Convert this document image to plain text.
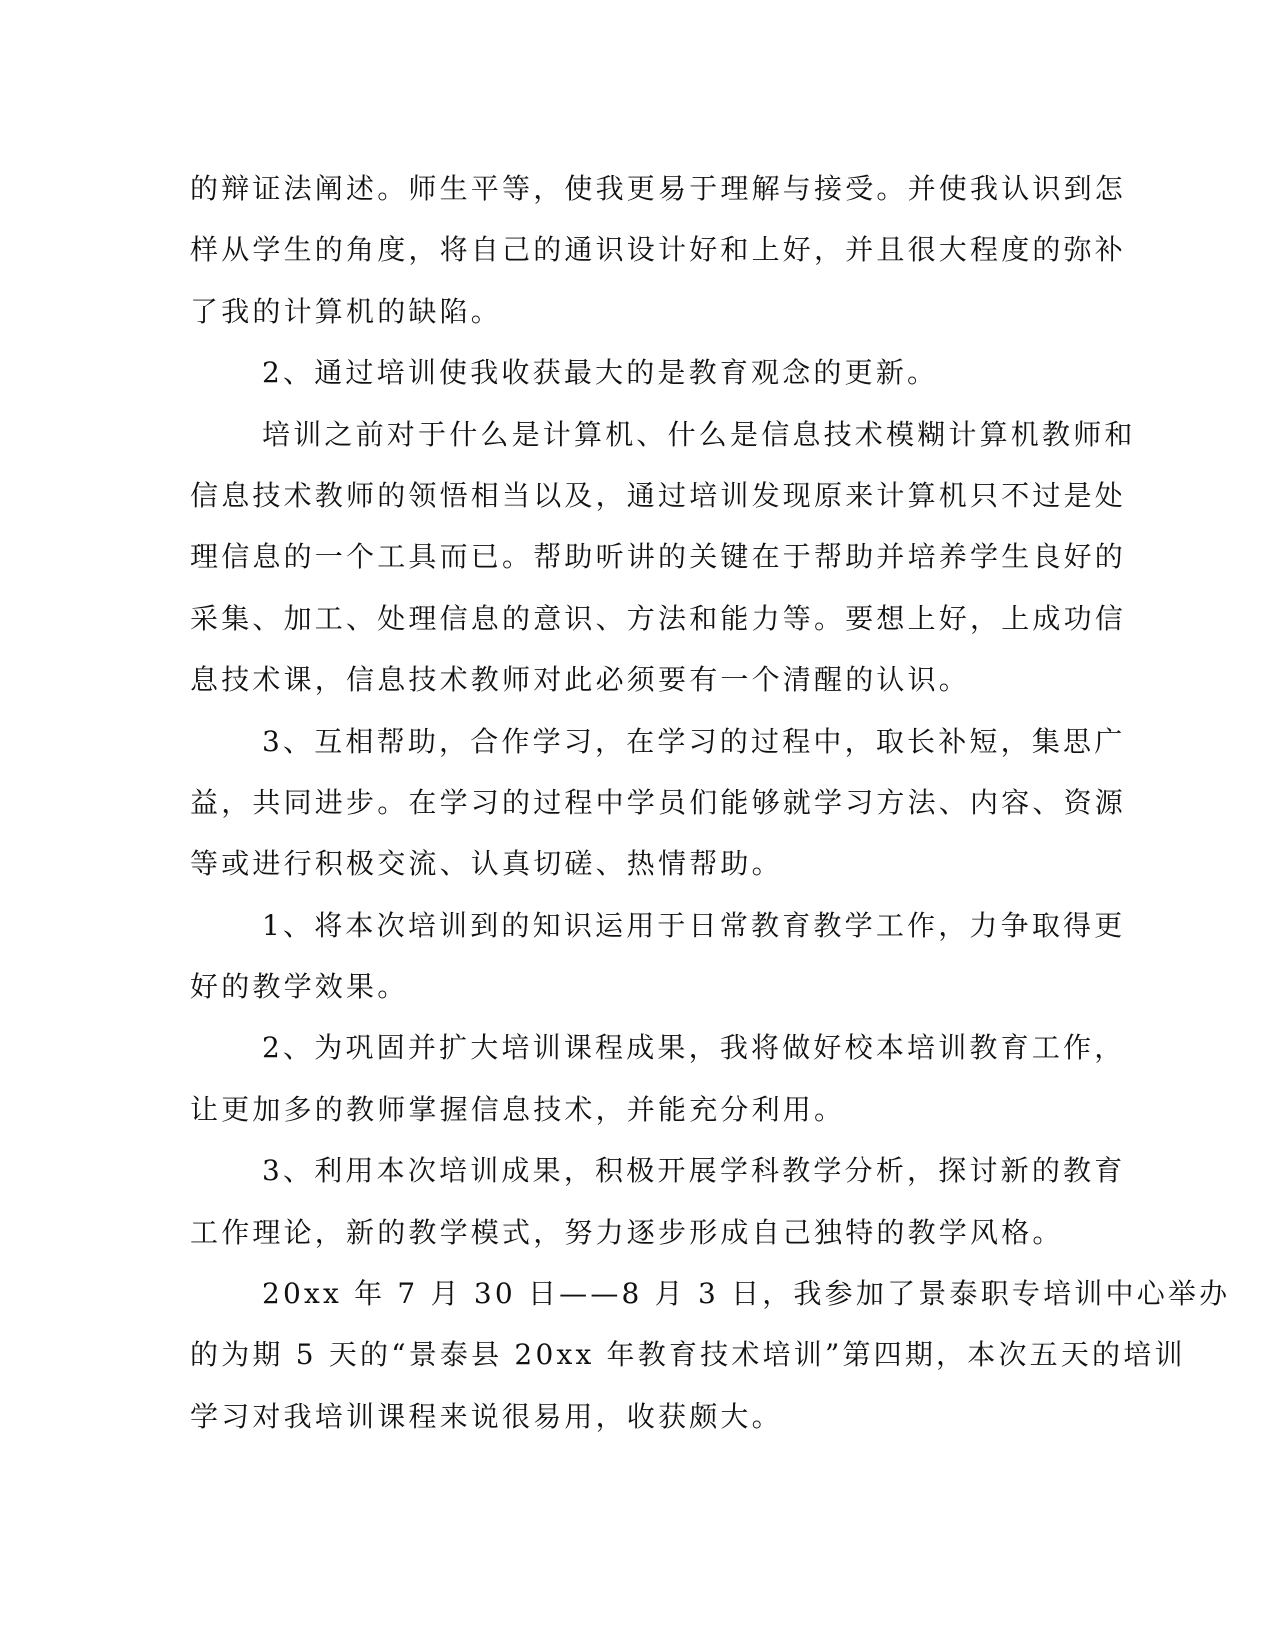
的辩证法阐述。师生平等，使我更易于理解与接受。并使我认识到怎
样从学生的角度，将自己的通识设计好和上好，并且很大程度的弥补
了我的计算机的缺陷。
2、通过培训使我收获最大的是教育观念的更新。
培训之前对于什么是计算机、什么是信息技术模糊计算机教师和
信息技术教师的领悟相当以及，通过培训发现原来计算机只不过是处
理信息的一个工具而已。帮助听讲的关键在于帮助并培养学生良好的
采集、加工、处理信息的意识、方法和能力等。要想上好，上成功信
息技术课，信息技术教师对此必须要有一个清醒的认识。
3、互相帮助，合作学习，在学习的过程中，取长补短，集思广
益，共同进步。在学习的过程中学员们能够就学习方法、内容、资源
等或进行积极交流、认真切磋、热情帮助。
1、将本次培训到的知识运用于日常教育教学工作，力争取得更
好的教学效果。
2、为巩固并扩大培训课程成果，我将做好校本培训教育工作，
让更加多的教师掌握信息技术，并能充分利用。
3、利用本次培训成果，积极开展学科教学分析，探讨新的教育
工作理论，新的教学模式，努力逐步形成自己独特的教学风格。
20xx 年 7 月 30 日——8 月 3 日，我参加了景泰职专培训中心举办
的为期 5 天的“景泰县 20xx 年教育技术培训”第四期，本次五天的培训
学习对我培训课程来说很易用，收获颇大。
